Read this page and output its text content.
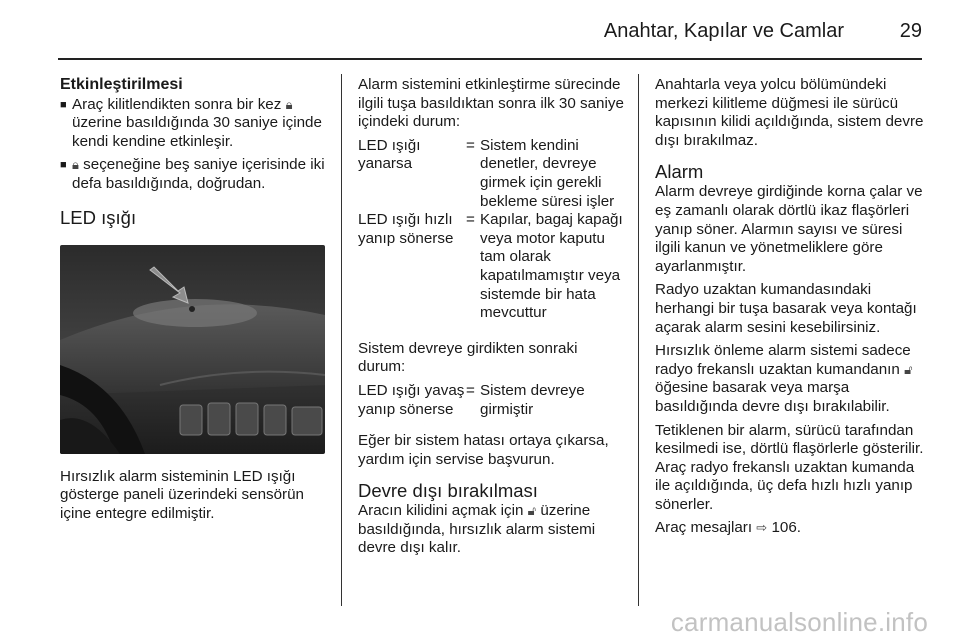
Anahtar, Kapılar ve Camlar	29
Etkinleştirilmesi
■ Araç kilitlendikten sonra bir kez 🔒︎ üzerine basıldığında 30 saniye içinde kendi kendine etkinleşir.
■ 🔒︎ seçeneğine beş saniye içerisinde iki defa basıldığında, doğrudan.
LED ışığı
Hırsızlık alarm sisteminin LED ışığı gösterge paneli üzerindeki sensörün içine entegre edilmiştir.
Alarm sistemini etkinleştirme sürecinde ilgili tuşa basıldıktan sonra ilk 30 saniye içindeki durum:
LED ışığı yanarsa
= Sistem kendini denetler, devreye girmek için gerekli bekleme süresi işler
LED ışığı hızlı yanıp sönerse
= Kapılar, bagaj kapağı veya motor kaputu tam olarak kapatılmamıştır veya sistemde bir hata mevcuttur
Sistem devreye girdikten sonraki durum:
LED ışığı yavaş yanıp sönerse
= Sistem devreye girmiştir
Eğer bir sistem hatası ortaya çıkarsa, yardım için servise başvurun.
Devre dışı bırakılması
Aracın kilidini açmak için 🔓︎ üzerine basıldığında, hırsızlık alarm sistemi devre dışı kalır.
Anahtarla veya yolcu bölümündeki merkezi kilitleme düğmesi ile sürücü kapısının kilidi açıldığında, sistem devre dışı bırakılmaz.
Alarm
Alarm devreye girdiğinde korna çalar ve eş zamanlı olarak dörtlü ikaz flaşörleri yanıp söner. Alarmın sayısı ve süresi ilgili kanun ve yönetmeliklere göre ayarlanmıştır.
Radyo uzaktan kumandasındaki herhangi bir tuşa basarak veya kontağı açarak alarm sesini kesebilirsiniz.
Hırsızlık önleme alarm sistemi sadece radyo frekanslı uzaktan kumandanın 🔓︎ öğesine basarak veya marşa basıldığında devre dışı bırakılabilir.
Tetiklenen bir alarm, sürücü tarafından kesilmedi ise, dörtlü flaşörlerle gösterilir. Araç radyo frekanslı uzaktan kumanda ile açıldığında, üç defa hızlı hızlı yanıp sönerler.
Araç mesajları ⇨ 106.
carmanualsonline.info
